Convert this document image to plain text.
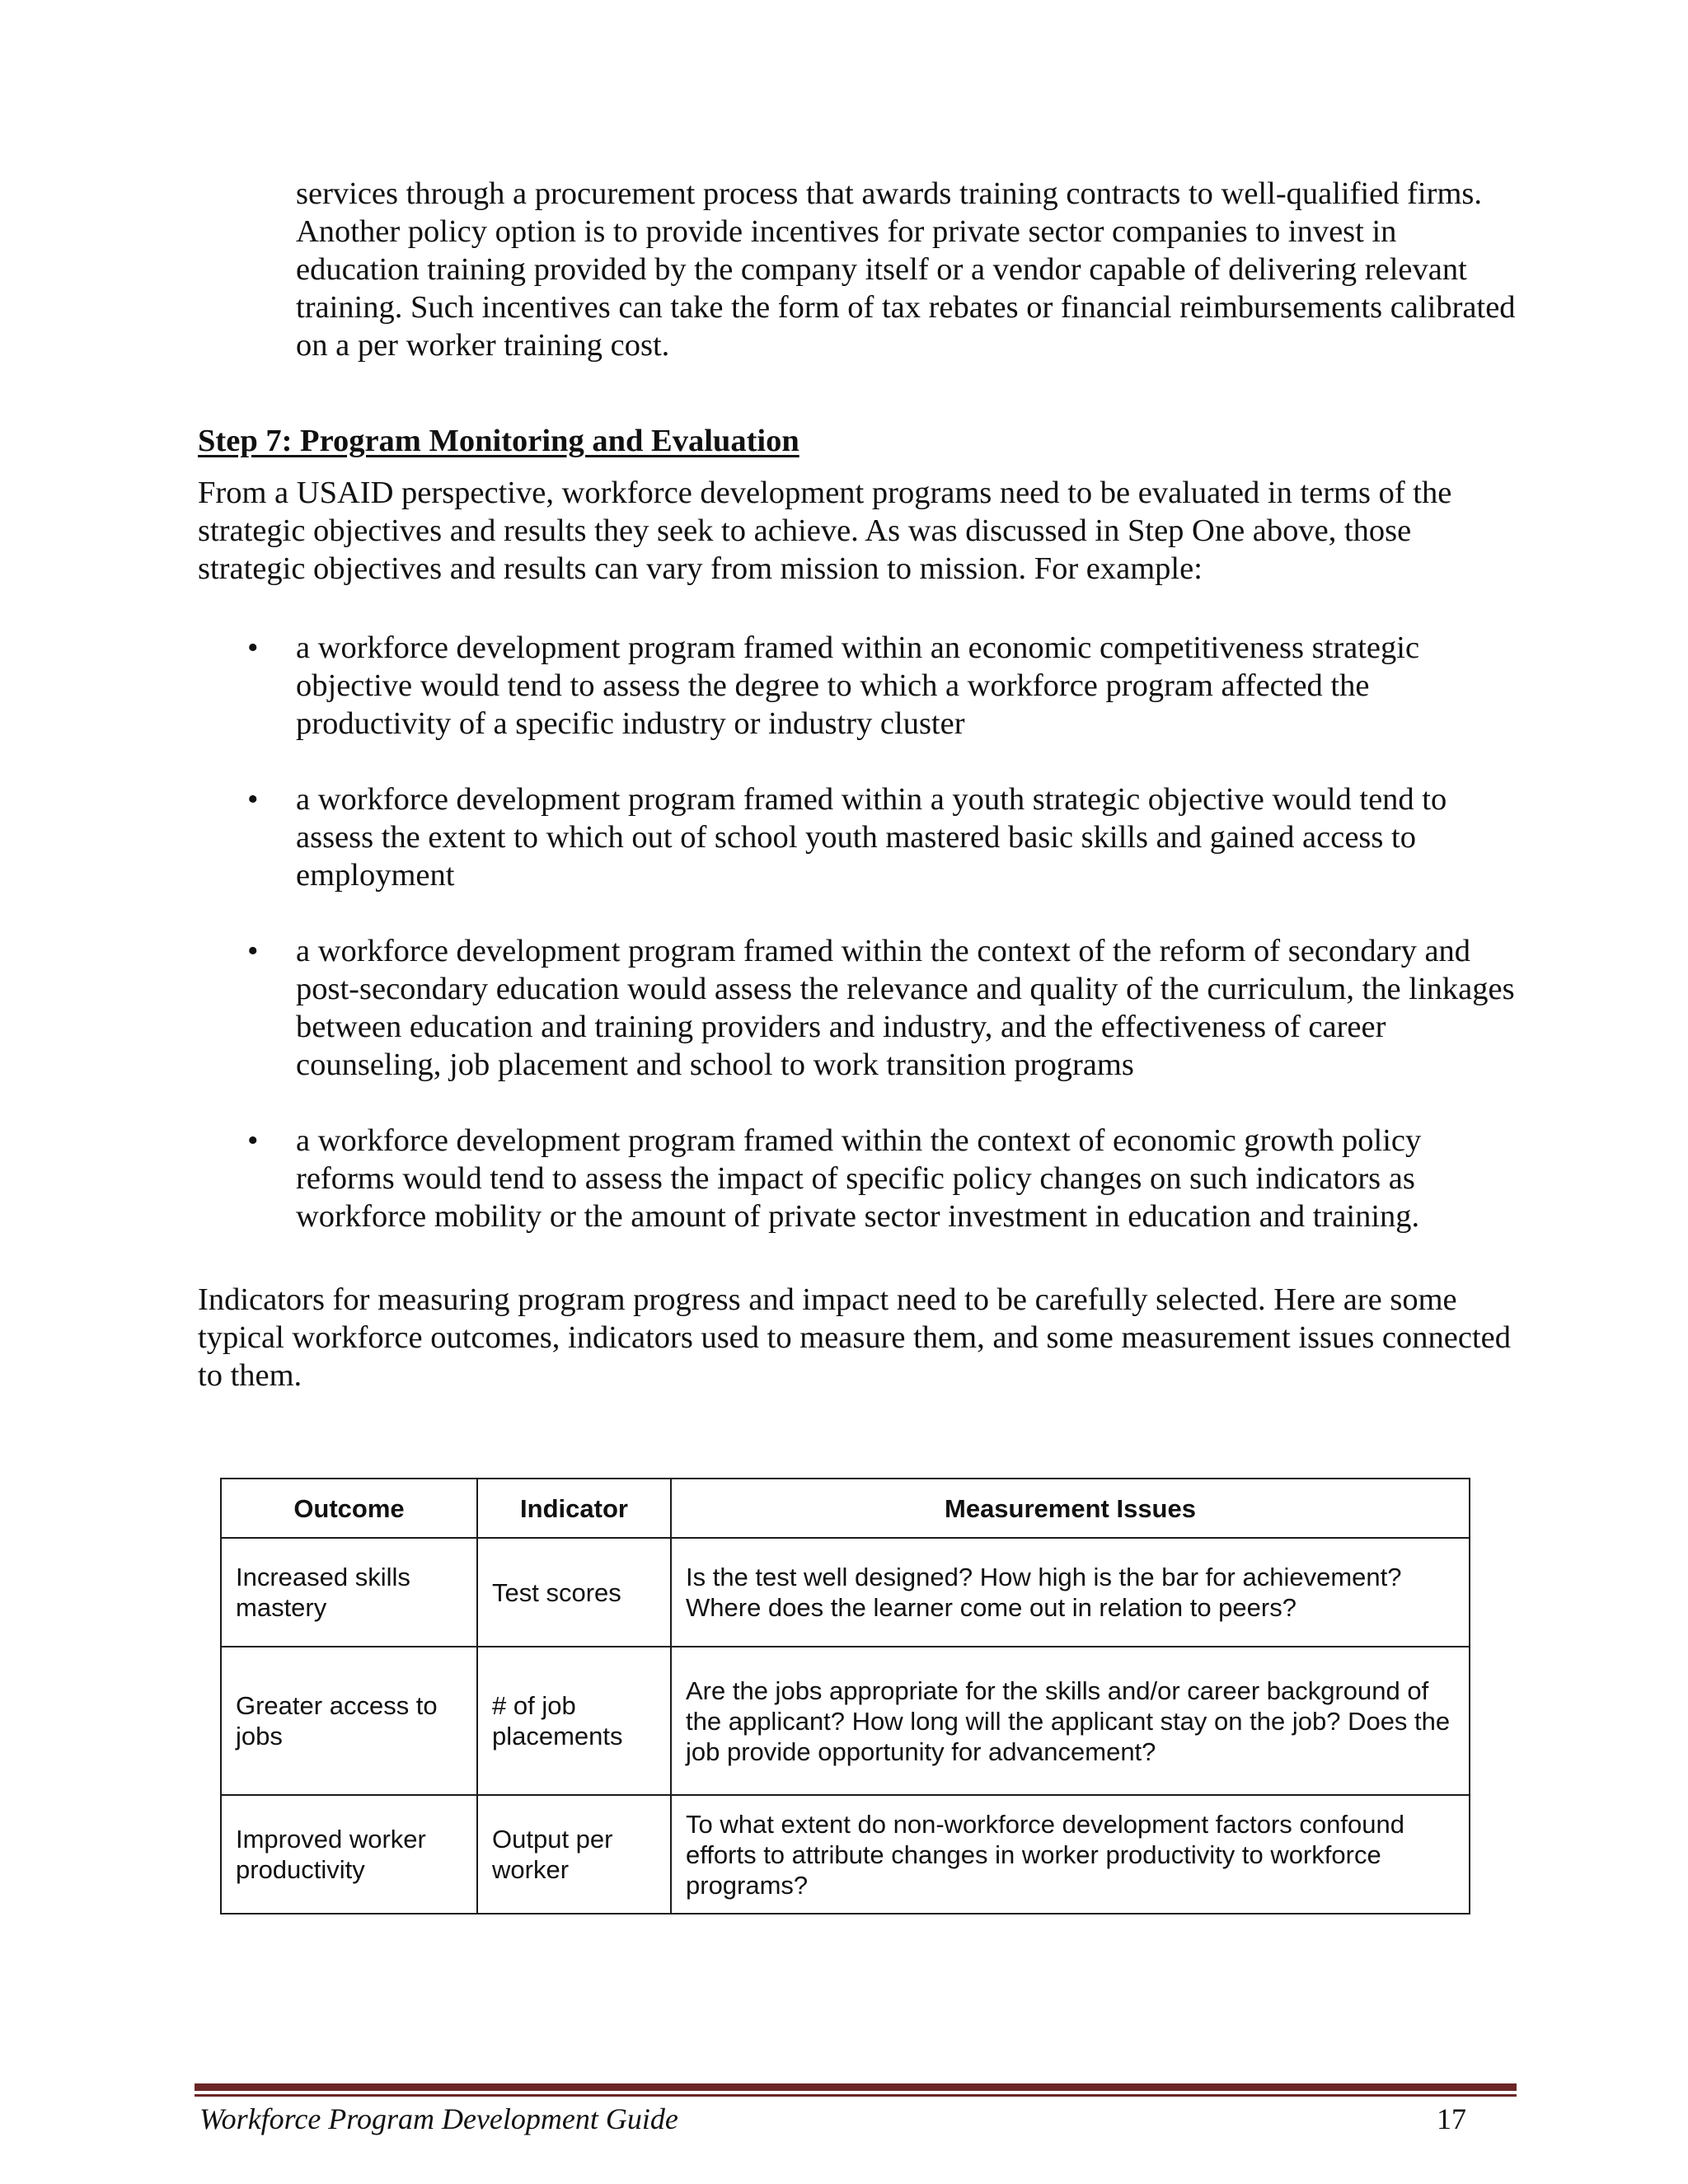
services through a procurement process that awards training contracts to well-qualified firms. Another policy option is to provide incentives for private sector companies to invest in education training provided by the company itself or a vendor capable of delivering relevant training. Such incentives can take the form of tax rebates or financial reimbursements calibrated on a per worker training cost.
Step 7: Program Monitoring and Evaluation
From a USAID perspective, workforce development programs need to be evaluated in terms of the strategic objectives and results they seek to achieve. As was discussed in Step One above, those strategic objectives and results can vary from mission to mission. For example:
• a workforce development program framed within an economic competitiveness strategic objective would tend to assess the degree to which a workforce program affected the productivity of a specific industry or industry cluster
• a workforce development program framed within a youth strategic objective would tend to assess the extent to which out of school youth mastered basic skills and gained access to employment
• a workforce development program framed within the context of the reform of secondary and post-secondary education would assess the relevance and quality of the curriculum, the linkages between education and training providers and industry, and the effectiveness of career counseling, job placement and school to work transition programs
• a workforce development program framed within the context of economic growth policy reforms would tend to assess the impact of specific policy changes on such indicators as workforce mobility or the amount of private sector investment in education and training.
Indicators for measuring program progress and impact need to be carefully selected. Here are some typical workforce outcomes, indicators used to measure them, and some measurement issues connected to them.
Outcome	Indicator	Measurement Issues
Increased skills mastery	Test scores	Is the test well designed? How high is the bar for achievement? Where does the learner come out in relation to peers?
Greater access to jobs	# of job placements	Are the jobs appropriate for the skills and/or career background of the applicant? How long will the applicant stay on the job? Does the job provide opportunity for advancement?
Improved worker productivity	Output per worker	To what extent do non-workforce development factors confound efforts to attribute changes in worker productivity to workforce programs?
Workforce Program Development Guide	17
